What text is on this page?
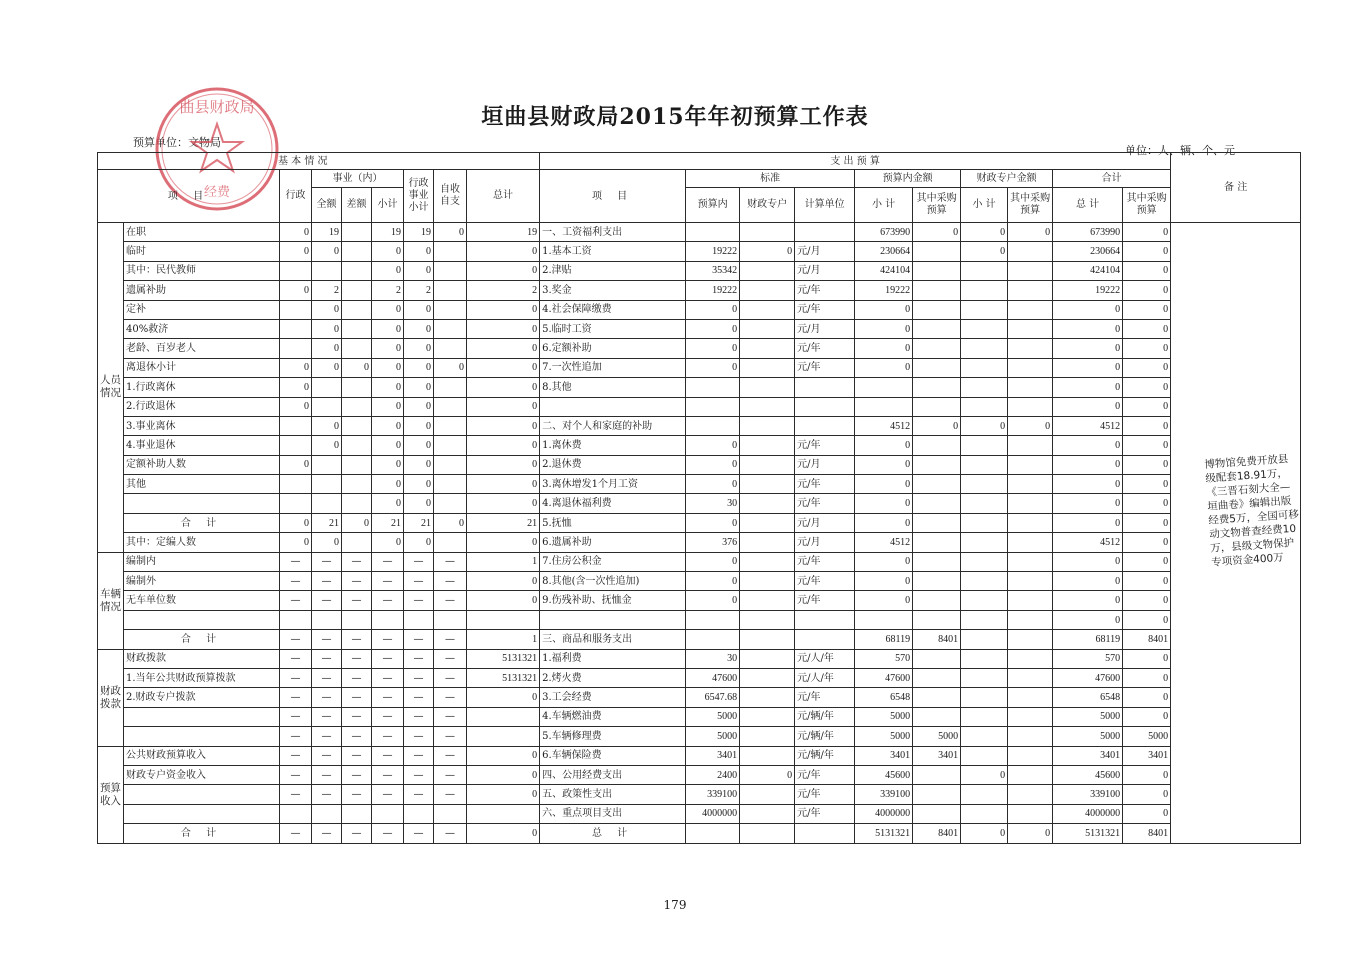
垣曲县财政局2015年年初预算工作表
预算单位：文物局
单位：人、辆、个、元
曲县财政局
经费
基 本 情 况									支 出 预 算										备 注
项 目		行政	事业（内）			行政事业小计	自收自支	总计	项 目	标准			预算内金额		财政专户金额		合计		
			全额	差额	小计					预算内	财政专户	计算单位	小 计	其中采购预算	小 计	其中采购预算	总 计	其中采购预算	
人员情况	在职	0	19		19	19	0	19	一、工资福利支出				673990	0	0	0	673990	0	
	临时	0	0		0	0		0	1.基本工资	19222	0	元/月	230664		0		230664	0	
	其中：民代教师				0	0		0	2.津贴	35342		元/月	424104				424104	0	
	遗属补助	0	2		2	2		2	3.奖金	19222		元/年	19222				19222	0	
	定补		0		0	0		0	4.社会保障缴费	0		元/年	0				0	0	
	40%救济		0		0	0		0	5.临时工资	0		元/月	0				0	0	
	老龄、百岁老人		0		0	0		0	6.定额补助	0		元/年	0				0	0	
	离退休小计	0	0	0	0	0	0	0	7.一次性追加	0		元/年	0				0	0	
	1.行政离休	0			0	0		0	8.其他								0	0	
	2.行政退休	0			0	0		0									0	0	
	3.事业离休		0		0	0		0	二、对个人和家庭的补助				4512	0	0	0	4512	0	
	4.事业退休		0		0	0		0	1.离休费	0		元/年	0				0	0	
	定额补助人数	0			0	0		0	2.退休费	0		元/月	0				0	0	
	其他				0	0		0	3.离休增发1个月工资	0		元/年	0				0	0	
					0	0		0	4.离退休福利费	30		元/年	0				0	0	
	合 计	0	21	0	21	21	0	21	5.抚恤	0		元/月	0				0	0	
	其中：定编人数	0	0		0	0		0	6.遗属补助	376		元/月	4512				4512	0	
车辆情况	编制内	—	—	—	—	—	—	1	7.住房公积金	0		元/年	0				0	0	
	编制外	—	—	—	—	—	—	0	8.其他(含一次性追加)	0		元/年	0				0	0	
	无车单位数	—	—	—	—	—	—	0	9.伤残补助、抚恤金	0		元/年	0				0	0	
																	0	0	
	合 计	—	—	—	—	—	—	1	三、商品和服务支出				68119	8401			68119	8401	
财政拨款	财政拨款	—	—	—	—	—	—	5131321	1.福利费	30		元/人/年	570				570	0	
	1.当年公共财政预算拨款	—	—	—	—	—	—	5131321	2.烤火费	47600		元/人/年	47600				47600	0	
	2.财政专户拨款	—	—	—	—	—	—	0	3.工会经费	6547.68		元/年	6548				6548	0	
		—	—	—	—	—	—		4.车辆燃油费	5000		元/辆/年	5000				5000	0	
		—	—	—	—	—	—		5.车辆修理费	5000		元/辆/年	5000	5000			5000	5000	
预算收入	公共财政预算收入	—	—	—	—	—	—	0	6.车辆保险费	3401		元/辆/年	3401	3401			3401	3401	
	财政专户资金收入	—	—	—	—	—	—	0	四、公用经费支出	2400	0	元/年	45600		0		45600	0	
		—	—	—	—	—	—	0	五、政策性支出	339100		元/年	339100				339100	0	
									六、重点项目支出	4000000		元/年	4000000				4000000	0	
	合 计	—	—	—	—	—	—	0	总 计				5131321	8401	0	0	5131321	8401	
博物馆免费开放县级配套18.91万，《三晋石刻大全—垣曲卷》编辑出版经费5万，全国可移动文物普查经费10万，县级文物保护专项资金400万
179
